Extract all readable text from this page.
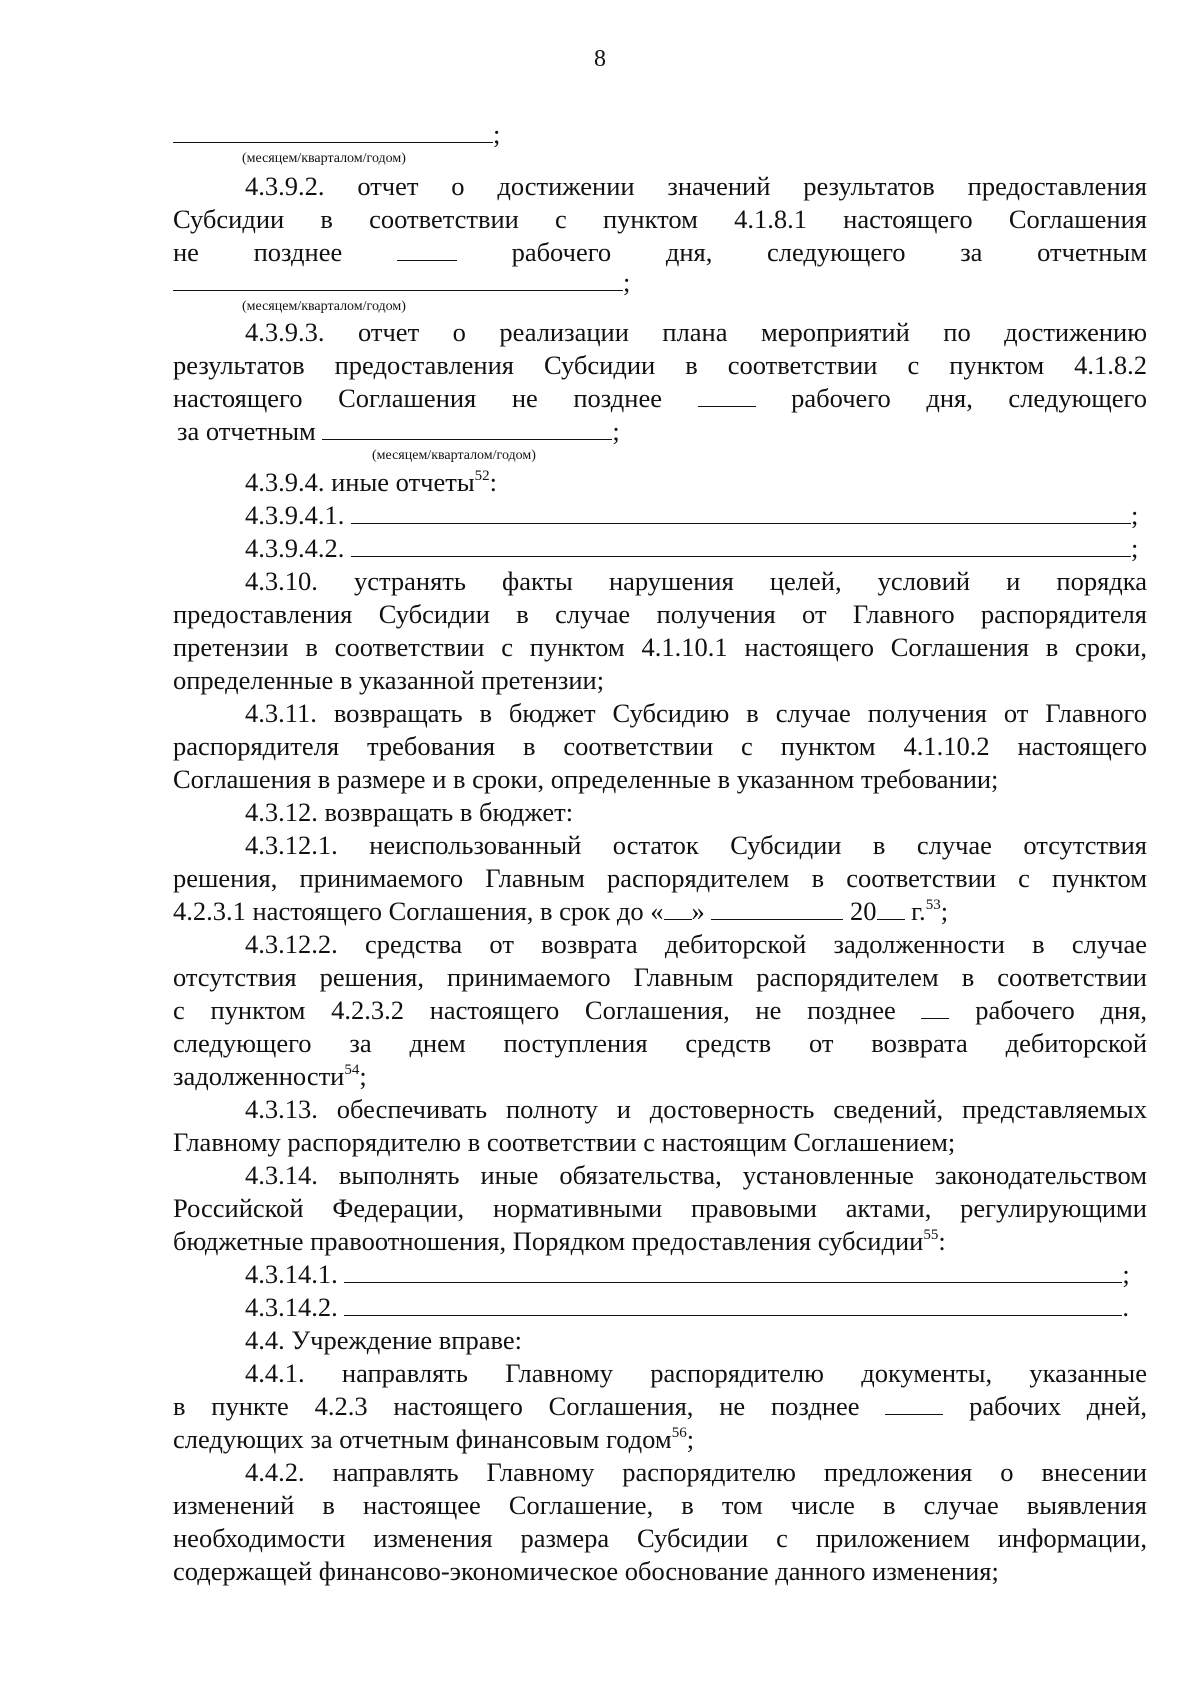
8
;
(месяцем/кварталом/годом)
4.3.9.2. отчет о достижении значений результатов предоставления
Субсидии в соответствии с пунктом 4.1.8.1 настоящего Соглашения
не позднее	рабочего дня, следующего за отчетным
;
(месяцем/кварталом/годом)
4.3.9.3. отчет о реализации плана мероприятий по достижению
результатов предоставления Субсидии в соответствии с пунктом 4.1.8.2
настоящего Соглашения не позднее	рабочего дня, следующего
за отчетным	;
(месяцем/кварталом/годом)
4.3.9.4. иные отчеты$^{52}$:
4.3.9.4.1.	;
4.3.9.4.2.	;
4.3.10. устранять факты нарушения целей, условий и порядка
предоставления Субсидии в случае получения от Главного распорядителя
претензии в соответствии с пунктом 4.1.10.1 настоящего Соглашения в сроки,
определенные в указанной претензии;
4.3.11. возвращать в бюджет Субсидию в случае получения от Главного
распорядителя требования в соответствии с пунктом 4.1.10.2 настоящего
Соглашения в размере и в сроки, определенные в указанном требовании;
4.3.12. возвращать в бюджет:
4.3.12.1. неиспользованный остаток Субсидии в случае отсутствия
решения, принимаемого Главным распорядителем в соответствии с пунктом
4.2.3.1 настоящего Соглашения, в срок до « »	20 г.$^{53}$;
4.3.12.2. средства от возврата дебиторской задолженности в случае
отсутствия решения, принимаемого Главным распорядителем в соответствии
с пунктом 4.2.3.2 настоящего Соглашения, не позднее	рабочего дня,
следующего за днем поступления средств от возврата дебиторской
задолженности$^{54}$;
4.3.13. обеспечивать полноту и достоверность сведений, представляемых
Главному распорядителю в соответствии с настоящим Соглашением;
4.3.14. выполнять иные обязательства, установленные законодательством
Российской Федерации, нормативными правовыми актами, регулирующими
бюджетные правоотношения, Порядком предоставления субсидии$^{55}$:
4.3.14.1.	;
4.3.14.2.	.
4.4. Учреждение вправе:
4.4.1. направлять Главному распорядителю документы, указанные
в пункте 4.2.3 настоящего Соглашения, не позднее	рабочих дней,
следующих за отчетным финансовым годом$^{56}$;
4.4.2. направлять Главному распорядителю предложения о внесении
изменений в настоящее Соглашение, в том числе в случае выявления
необходимости изменения размера Субсидии с приложением информации,
содержащей финансово-экономическое обоснование данного изменения;
